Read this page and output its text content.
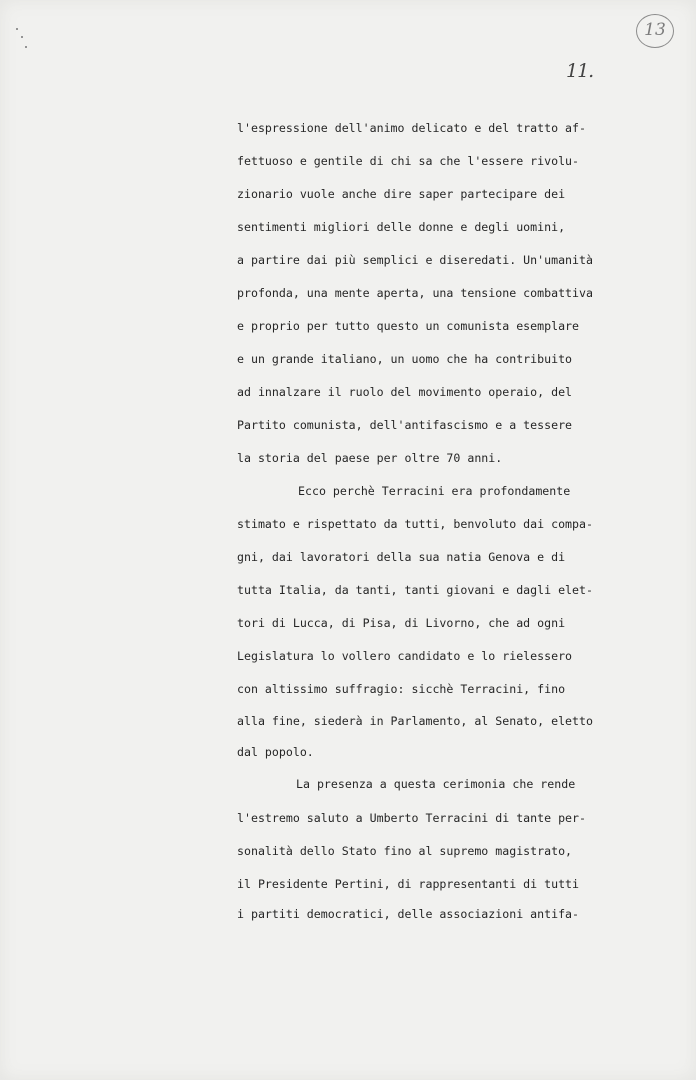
13
11.
l'espressione dell'animo delicato e del tratto af-
fettuoso e gentile di chi sa che l'essere rivolu-
zionario vuole anche dire saper partecipare dei
sentimenti migliori delle donne e degli uomini,
a partire dai più semplici e diseredati. Un'umanità
profonda, una mente aperta, una tensione combattiva
e proprio per tutto questo un comunista esemplare
e un grande italiano, un uomo che ha contribuito
ad innalzare il ruolo del movimento operaio, del
Partito comunista, dell'antifascismo e a tessere
la storia del paese per oltre 70 anni.
Ecco perchè Terracini era profondamente
stimato e rispettato da tutti, benvoluto dai compa-
gni, dai lavoratori della sua natia Genova e di
tutta Italia, da tanti, tanti giovani e dagli elet-
tori di Lucca, di Pisa, di Livorno, che ad ogni
Legislatura lo vollero candidato e lo rielessero
con altissimo suffragio: sicchè Terracini, fino
alla fine, siederà in Parlamento, al Senato, eletto
dal popolo.
La presenza a questa cerimonia che rende
l'estremo saluto a Umberto Terracini di tante per-
sonalità dello Stato fino al supremo magistrato,
il Presidente Pertini, di rappresentanti di tutti
i partiti democratici, delle associazioni antifa-
